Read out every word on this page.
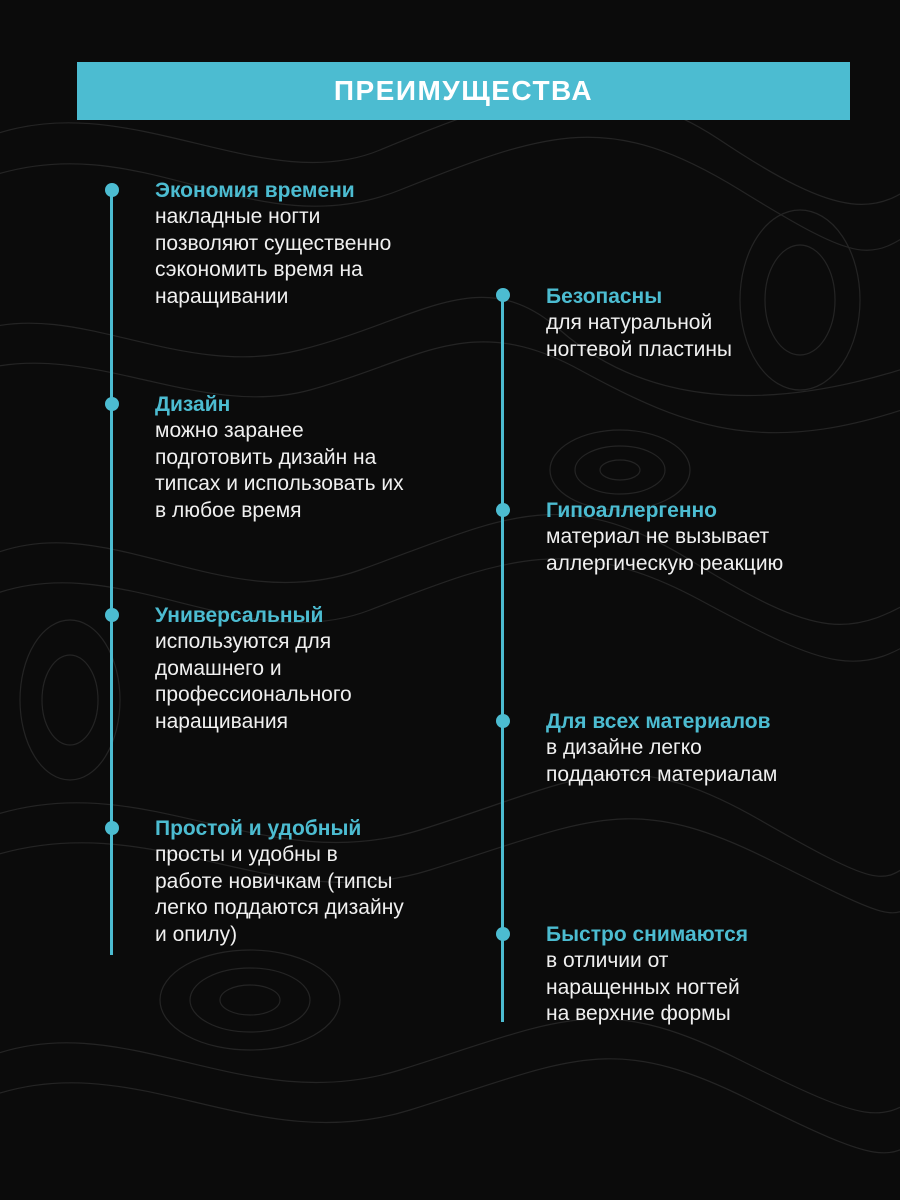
ПРЕИМУЩЕСТВА
Экономия времени
накладные ногти
позволяют существенно
сэкономить время на
наращивании
Дизайн
можно заранее
подготовить дизайн на
типсах и использовать их
в любое время
Универсальный
используются для
домашнего и
профессионального
наращивания
Простой и удобный
просты и удобны в
работе новичкам (типсы
легко поддаются дизайну
и опилу)
Безопасны
для натуральной
ногтевой пластины
Гипоаллергенно
материал не вызывает
аллергическую реакцию
Для всех материалов
в дизайне легко
поддаются материалам
Быстро снимаются
в отличии от
наращенных ногтей
на верхние формы
